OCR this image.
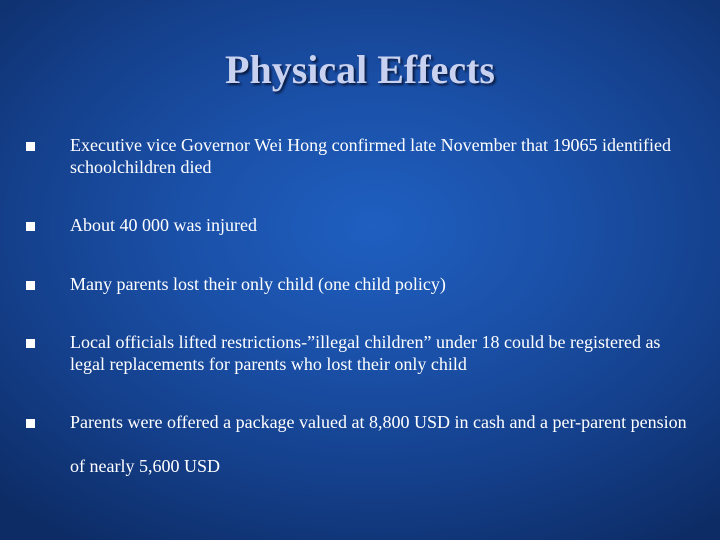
Physical Effects
Executive vice Governor Wei Hong confirmed late November that 19065 identified schoolchildren died
About 40 000 was injured
Many parents lost their only child (one child policy)
Local officials lifted restrictions-”illegal children” under 18 could be registered as legal replacements for parents who lost their only child
Parents were offered a package valued at 8,800 USD in cash and a per-parent pension of nearly 5,600 USD
